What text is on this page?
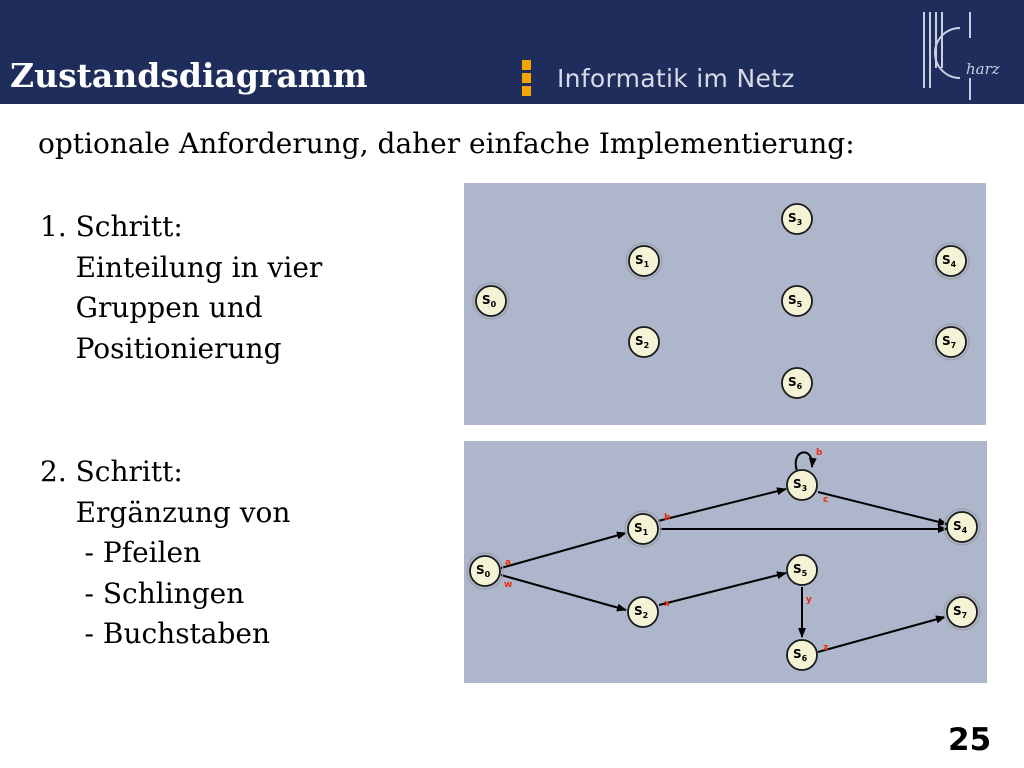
Zustandsdiagramm	Informatik im Netz	harz
optionale Anforderung, daher einfache Implementierung:
1. Schritt:
Einteilung in vier
Gruppen und
Positionierung
2. Schritt:
Ergänzung von
- Pfeilen
- Schlingen
- Buchstaben
$S_0$
$S_1$
$S_2$
$S_3$
$S_4$
$S_5$
$S_6$
$S_7$
a
w
b
b
c
x	y
z
$S_0$
$S_1$
$S_2$
$S_3$
$S_4$
$S_5$
$S_6$
$S_7$
25
